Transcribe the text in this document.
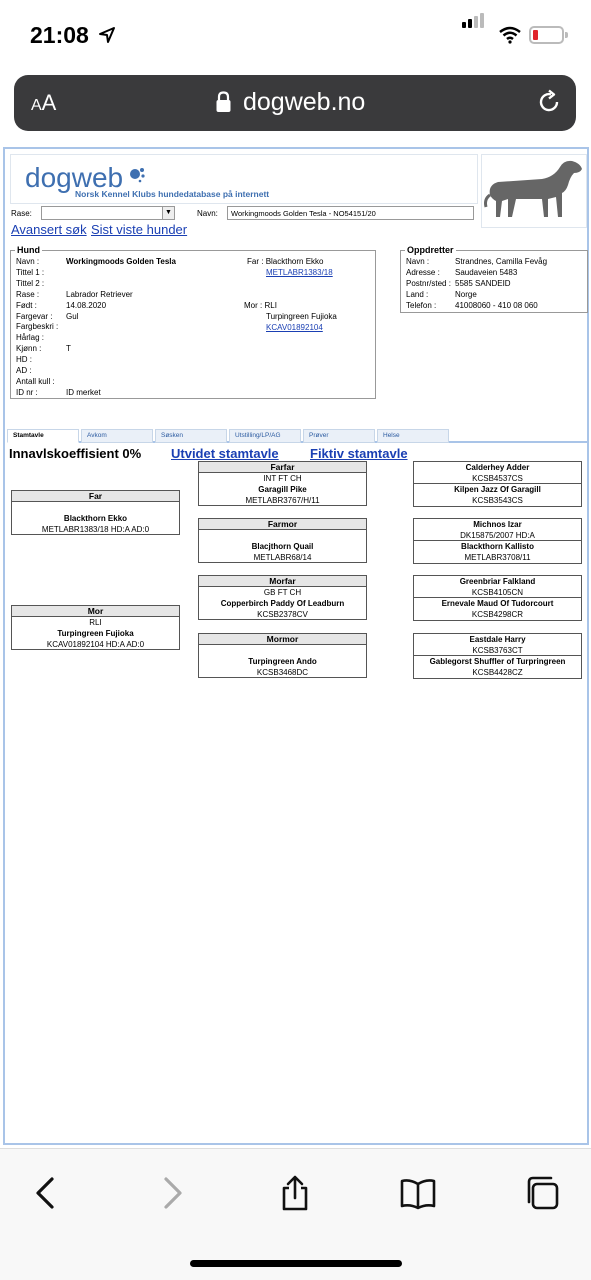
21:08
AA	dogweb.no
dogweb
Norsk Kennel Klubs hundedatabase på internett
Rase:	▼	Navn:	Workingmoods Golden Tesla - NO54151/20
Avansert søk Sist viste hunder
Hund
Navn :	Workingmoods Golden Tesla
Tittel 1 :
Tittel 2 :
Rase :	Labrador Retriever
Født :	14.08.2020
Fargevar : Gul
Fargbeskri :
Hårlag :
Kjønn :	T
HD :
AD :
Antall kull :
ID nr :	ID merket
Far : Blackthorn Ekko
METLABR1383/18
Mor : RLI
Turpingreen Fujioka
KCAV01892104
Oppdretter
Navn :	Strandnes, Camilla Fevåg
Adresse : Saudaveien 5483
Postnr/sted : 5585 SANDEID
Land :	Norge
Telefon : 41008060 - 410 08 060
Stamtavle	Avkom	Søsken	Utstilling/LP/AG	Prøver	Helse
Innavlskoeffisient 0% Utvidet stamtavle Fiktiv stamtavle
Far
Blackthorn Ekko
METLABR1383/18 HD:A AD:0
Mor
RLI
Turpingreen Fujioka
KCAV01892104 HD:A AD:0
Farfar
INT FT CH
Garagill Pike
METLABR3767/H/11
Farmor
Blacjthorn Quail
METLABR68/14
Morfar
GB FT CH
Copperbirch Paddy Of Leadburn
KCSB2378CV
Mormor
Turpingreen Ando
KCSB3468DC
Calderhey Adder
KCSB4537CS
Kilpen Jazz Of Garagill
KCSB3543CS
Michnos Izar
DK15875/2007 HD:A
Blackthorn Kallisto
METLABR3708/11
Greenbriar Falkland
KCSB4105CN
Ernevale Maud Of Tudorcourt
KCSB4298CR
Eastdale Harry
KCSB3763CT
Gablegorst Shuffler of Turpringreen
KCSB4428CZ
